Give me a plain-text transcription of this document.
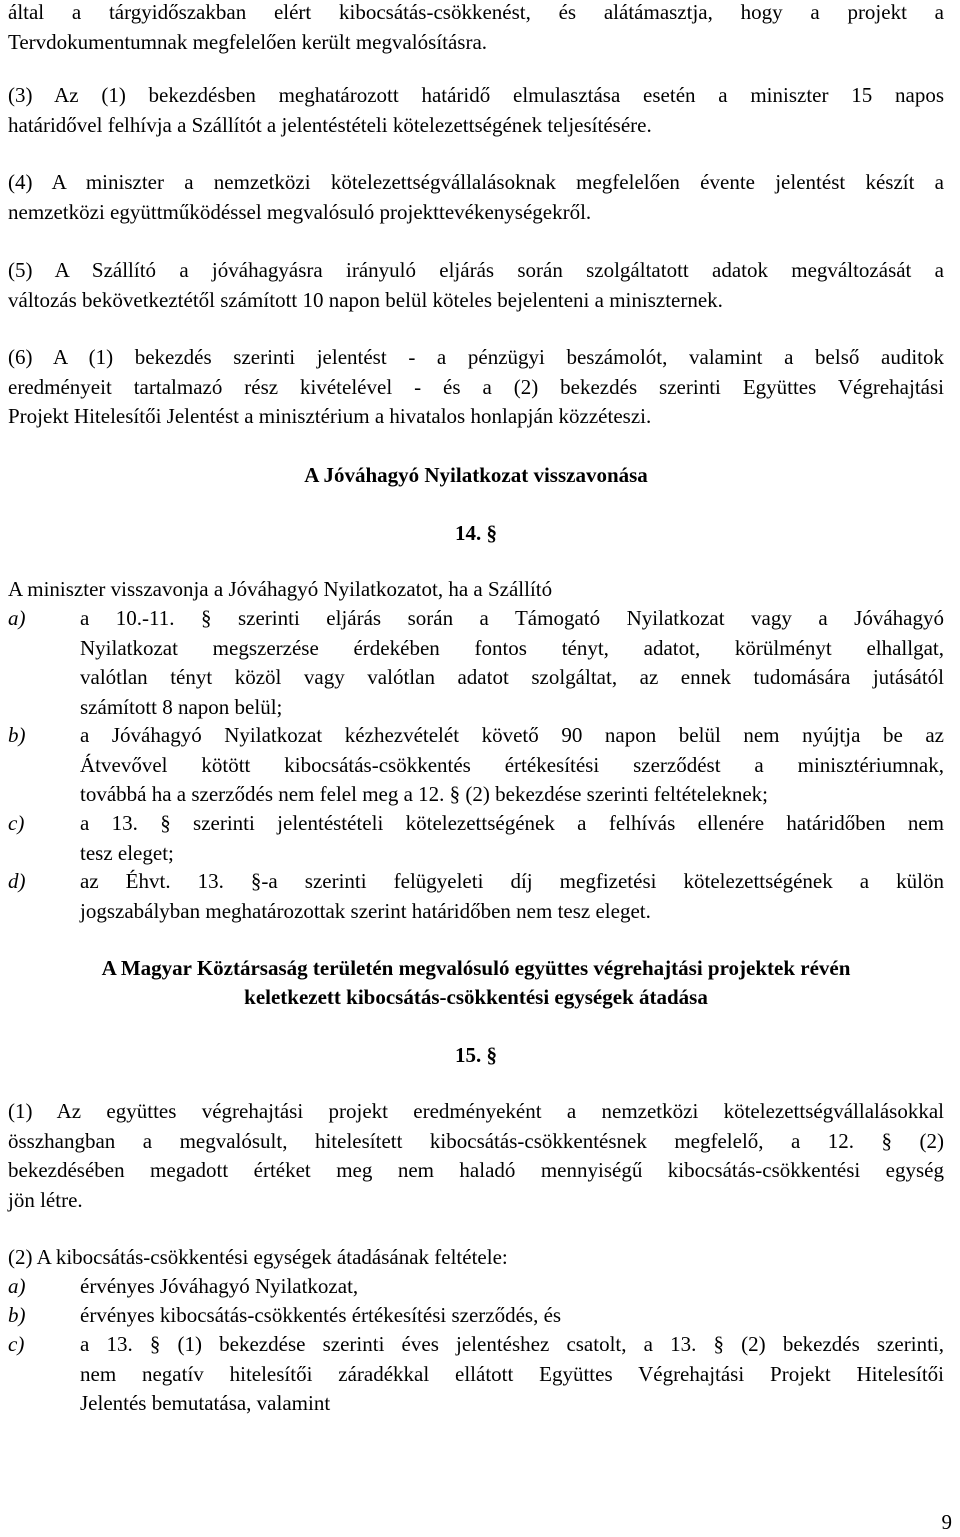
által a tárgyidőszakban elért kibocsátás-csökkenést, és alátámasztja, hogy a projekt a
Tervdokumentumnak megfelelően került megvalósításra.
(3) Az (1) bekezdésben meghatározott határidő elmulasztása esetén a miniszter 15 napos
határidővel felhívja a Szállítót a jelentéstételi kötelezettségének teljesítésére.
(4) A miniszter a nemzetközi kötelezettségvállalásoknak megfelelően évente jelentést készít a
nemzetközi együttműködéssel megvalósuló projekttevékenységekről.
(5) A Szállító a jóváhagyásra irányuló eljárás során szolgáltatott adatok megváltozását a
változás bekövetkeztétől számított 10 napon belül köteles bejelenteni a miniszternek.
(6) A (1) bekezdés szerinti jelentést - a pénzügyi beszámolót, valamint a belső auditok
eredményeit tartalmazó rész kivételével - és a (2) bekezdés szerinti Együttes Végrehajtási
Projekt Hitelesítői Jelentést a minisztérium a hivatalos honlapján közzéteszi.
A Jóváhagyó Nyilatkozat visszavonása
14. §
A miniszter visszavonja a Jóváhagyó Nyilatkozatot, ha a Szállító
a)	a 10.-11. § szerinti eljárás során a Támogató Nyilatkozat vagy a Jóváhagyó
Nyilatkozat megszerzése érdekében fontos tényt, adatot, körülményt elhallgat,
valótlan tényt közöl vagy valótlan adatot szolgáltat, az ennek tudomására jutásától
számított 8 napon belül;
b)	a Jóváhagyó Nyilatkozat kézhezvételét követő 90 napon belül nem nyújtja be az
Átvevővel kötött kibocsátás-csökkentés értékesítési szerződést a minisztériumnak,
továbbá ha a szerződés nem felel meg a 12. § (2) bekezdése szerinti feltételeknek;
c)	a 13. § szerinti jelentéstételi kötelezettségének a felhívás ellenére határidőben nem
tesz eleget;
d)	az Éhvt. 13. §-a szerinti felügyeleti díj megfizetési kötelezettségének a külön
jogszabályban meghatározottak szerint határidőben nem tesz eleget.
A Magyar Köztársaság területén megvalósuló együttes végrehajtási projektek révén
keletkezett kibocsátás-csökkentési egységek átadása
15. §
(1) Az együttes végrehajtási projekt eredményeként a nemzetközi kötelezettségvállalásokkal
összhangban a megvalósult, hitelesített kibocsátás-csökkentésnek megfelelő, a 12. § (2)
bekezdésében megadott értéket meg nem haladó mennyiségű kibocsátás-csökkentési egység
jön létre.
(2) A kibocsátás-csökkentési egységek átadásának feltétele:
a)	érvényes Jóváhagyó Nyilatkozat,
b)	érvényes kibocsátás-csökkentés értékesítési szerződés, és
c)	a 13. § (1) bekezdése szerinti éves jelentéshez csatolt, a 13. § (2) bekezdés szerinti,
nem negatív hitelesítői záradékkal ellátott Együttes Végrehajtási Projekt Hitelesítői
Jelentés bemutatása, valamint
9
